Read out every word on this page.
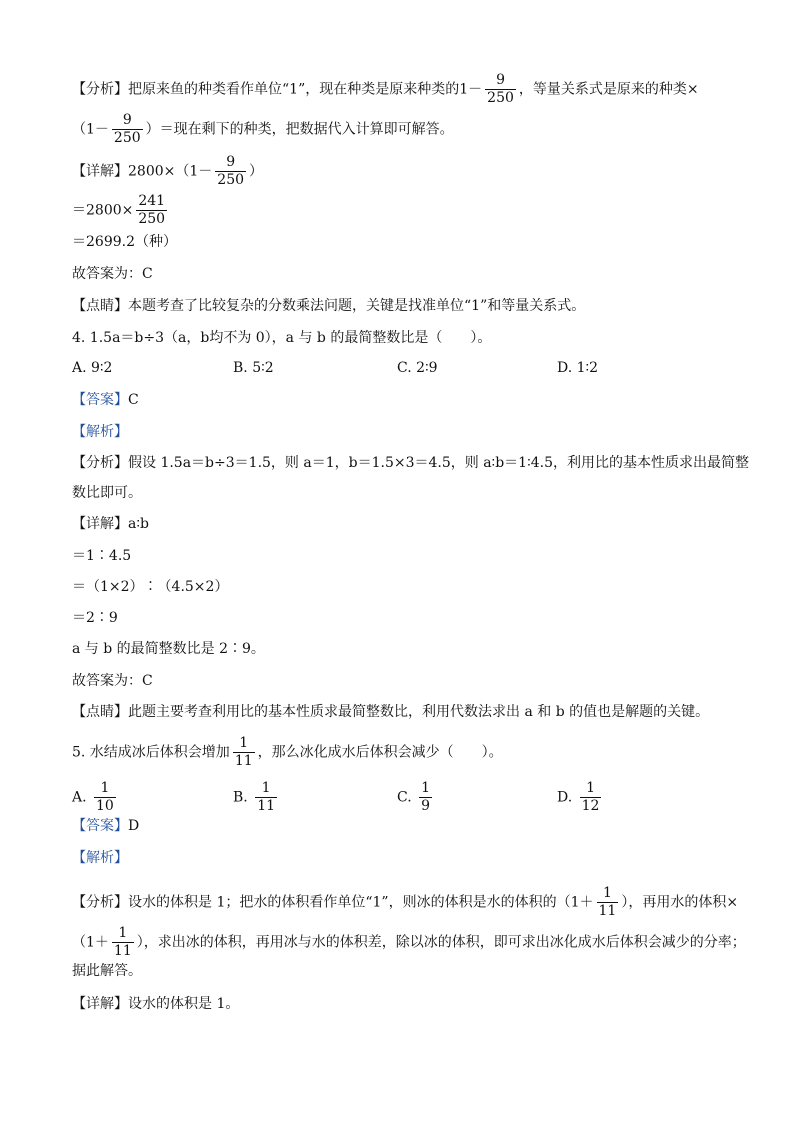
【分析】把原来鱼的种类看作单位“1”，现在种类是原来种类的$1- \frac{9}{250}$ ，等量关系式是原来的种类×
（$1- \frac{9}{250}$ ）＝现在剩下的种类，把数据代入计算即可解答。
【详解】$2800\times(1- \frac{9}{250}$ ）
$=2800\times \frac{241}{250}$
＝2699.2（种）
故答案为：C
【点睛】本题考查了比较复杂的分数乘法问题，关键是找准单位“1”和等量关系式。
4. 1.5a＝b÷3（a，b均不为 0），a 与 b 的最简整数比是（　　）。
A. 9∶2	B. 5∶2	C. 2∶9	D. 1∶2
【答案】C
【解析】
【分析】假设 1.5a＝b÷3＝1.5，则 a＝1，b＝1.5×3＝4.5，则 a∶b＝1∶4.5，利用比的基本性质求出最简整
数比即可。
【详解】a∶b
＝1∶4.5
＝（1×2）∶（4.5×2）
＝2∶9
a 与 b 的最简整数比是 2∶9。
故答案为：C
【点睛】此题主要考查利用比的基本性质求最简整数比，利用代数法求出 a 和 b 的值也是解题的关键。
5. 水结成冰后体积会增加 $\frac{1}{11}$ ，那么冰化成水后体积会减少（　　）。
A. $\frac{1}{10}$	B. $\frac{1}{11}$	C. $\frac{1}{9}$	D. $\frac{1}{12}$
【答案】D
【解析】
【分析】设水的体积是 1；把水的体积看作单位“1”，则冰的体积是水的体积的（$1+ \frac{1}{11}$ ），再用水的体积×
（$1+ \frac{1}{11}$ ），求出冰的体积，再用冰与水的体积差，除以冰的体积，即可求出冰化成水后体积会减少的分率；
据此解答。
【详解】设水的体积是 1。
